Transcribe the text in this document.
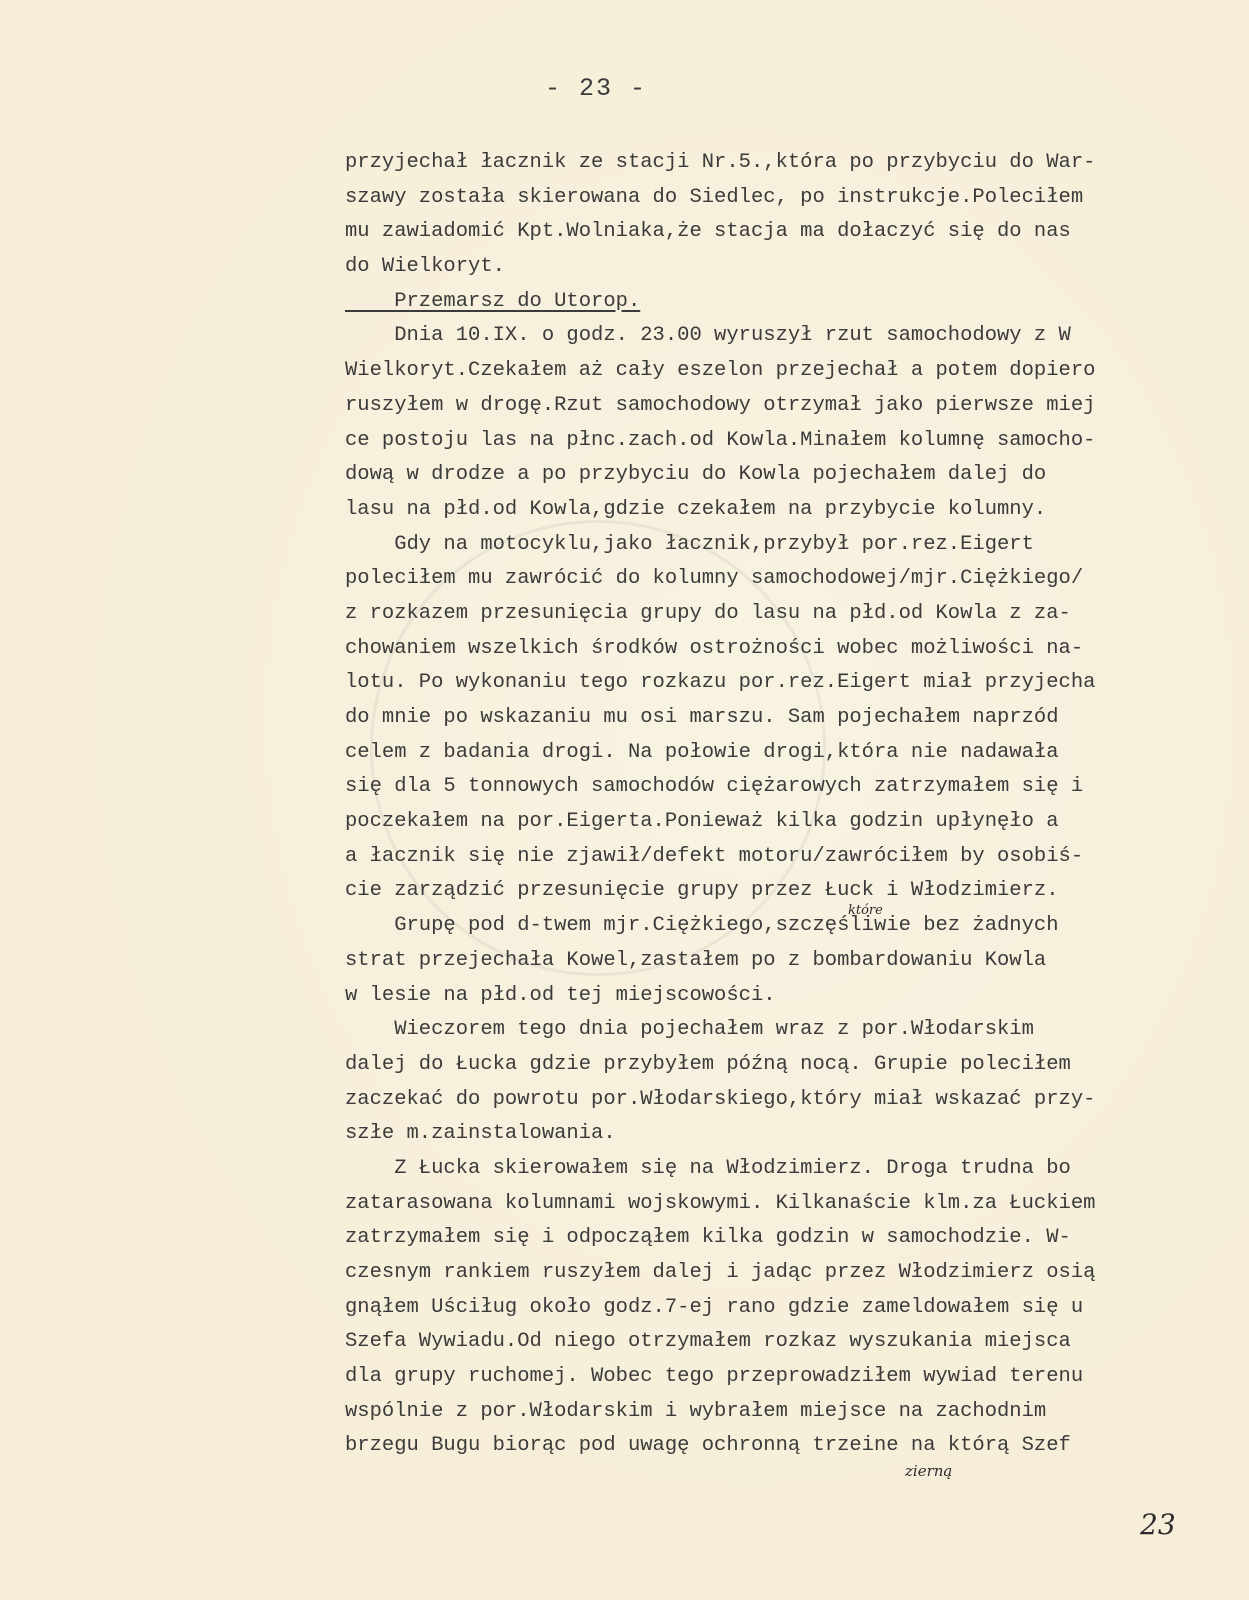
- 23 -
przyjechał łacznik ze stacji Nr.5.,która po przybyciu do War-
szawy została skierowana do Siedlec, po instrukcje.Poleciłem
mu zawiadomić Kpt.Wolniaka,że stacja ma dołaczyć się do nas
do Wielkoryt.
Przemarsz do Utorop.
Dnia 10.IX. o godz. 23.00 wyruszył rzut samochodowy z W
Wielkoryt.Czekałem aż cały eszelon przejechał a potem dopiero
ruszyłem w drogę.Rzut samochodowy otrzymał jako pierwsze miej
ce postoju las na płnc.zach.od Kowla.Minałem kolumnę samocho-
dową w drodze a po przybyciu do Kowla pojechałem dalej do
lasu na płd.od Kowla,gdzie czekałem na przybycie kolumny.
Gdy na motocyklu,jako łacznik,przybył por.rez.Eigert
poleciłem mu zawrócić do kolumny samochodowej/mjr.Ciężkiego/
z rozkazem przesunięcia grupy do lasu na płd.od Kowla z za-
chowaniem wszelkich środków ostrożności wobec możliwości na-
lotu. Po wykonaniu tego rozkazu por.rez.Eigert miał przyjecha
do mnie po wskazaniu mu osi marszu. Sam pojechałem naprzód
celem z badania drogi. Na połowie drogi,która nie nadawała
się dla 5 tonnowych samochodów ciężarowych zatrzymałem się i
poczekałem na por.Eigerta.Ponieważ kilka godzin upłynęło a
a łacznik się nie zjawił/defekt motoru/zawróciłem by osobiś-
cie zarządzić przesunięcie grupy przez Łuck i Włodzimierz.
Grupę pod d-twem mjr.Ciężkiego,szczęśliwie bez żadnych
strat przejechała Kowel,zastałem po z bombardowaniu Kowla
w lesie na płd.od tej miejscowości.
Wieczorem tego dnia pojechałem wraz z por.Włodarskim
dalej do Łucka gdzie przybyłem późną nocą. Grupie poleciłem
zaczekać do powrotu por.Włodarskiego,który miał wskazać przy-
szłe m.zainstalowania.
Z Łucka skierowałem się na Włodzimierz. Droga trudna bo
zatarasowana kolumnami wojskowymi. Kilkanaście klm.za Łuckiem
zatrzymałem się i odpocząłem kilka godzin w samochodzie. W-
czesnym rankiem ruszyłem dalej i jadąc przez Włodzimierz osią
gnąłem Uściług około godz.7-ej rano gdzie zameldowałem się u
Szefa Wywiadu.Od niego otrzymałem rozkaz wyszukania miejsca
dla grupy ruchomej. Wobec tego przeprowadziłem wywiad terenu
wspólnie z por.Włodarskim i wybrałem miejsce na zachodnim
brzegu Bugu biorąc pod uwagę ochronną trzeine na którą Szef
które
zierną
23
